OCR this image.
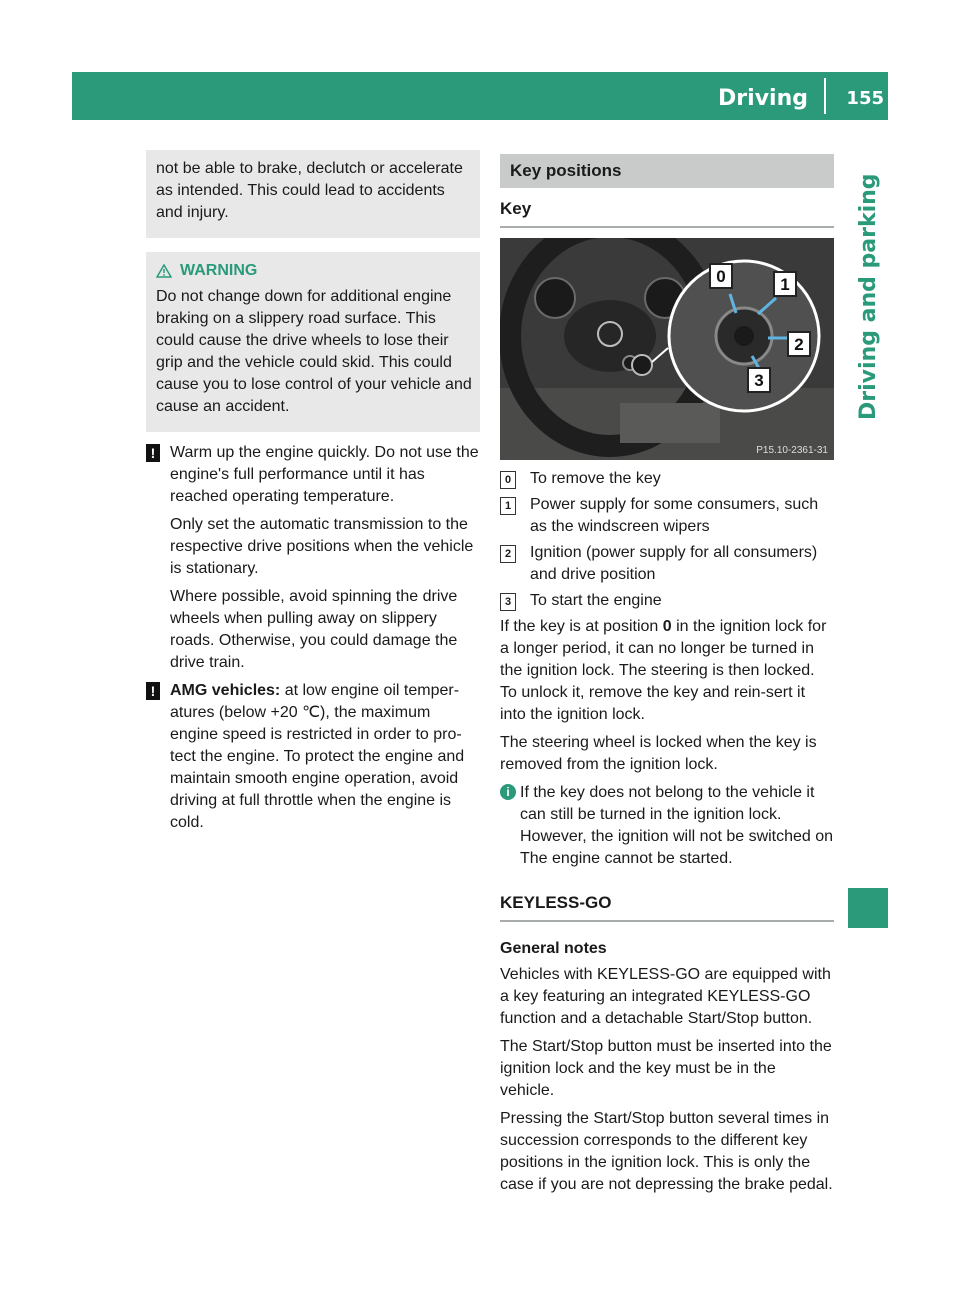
Driving 155
Driving and parking

not be able to brake, declutch or accelerate as intended. This could lead to accidents and injury.

WARNING

Do not change down for additional engine braking on a slippery road surface. This could cause the drive wheels to lose their grip and the vehicle could skid. This could cause you to lose control of your vehicle and cause an accident.

! Warm up the engine quickly. Do not use the engine's full performance until it has reached operating temperature.

Only set the automatic transmission to the respective drive positions when the vehicle is stationary.

Where possible, avoid spinning the drive wheels when pulling away on slippery roads. Otherwise, you could damage the drive train.

! AMG vehicles: at low engine oil temper-atures (below +20 ℃), the maximum engine speed is restricted in order to pro-tect the engine. To protect the engine and maintain smooth engine operation, avoid driving at full throttle when the engine is cold.

Key positions
Key
0	1
2
3
P15.10-2361-31
0	To remove the key
1	Power supply for some consumers, such as the windscreen wipers
2	Ignition (power supply for all consumers) and drive position
3	To start the engine

If the key is at position 0 in the ignition lock for a longer period, it can no longer be turned in the ignition lock. The steering is then locked. To unlock it, remove the key and rein-sert it into the ignition lock.

The steering wheel is locked when the key is removed from the ignition lock.

i If the key does not belong to the vehicle it can still be turned in the ignition lock. However, the ignition will not be switched on The engine cannot be started.

KEYLESS-GO
General notes

Vehicles with KEYLESS-GO are equipped with a key featuring an integrated KEYLESS-GO function and a detachable Start/Stop button.

The Start/Stop button must be inserted into the ignition lock and the key must be in the vehicle.

Pressing the Start/Stop button several times in succession corresponds to the different key positions in the ignition lock. This is only the case if you are not depressing the brake pedal.
